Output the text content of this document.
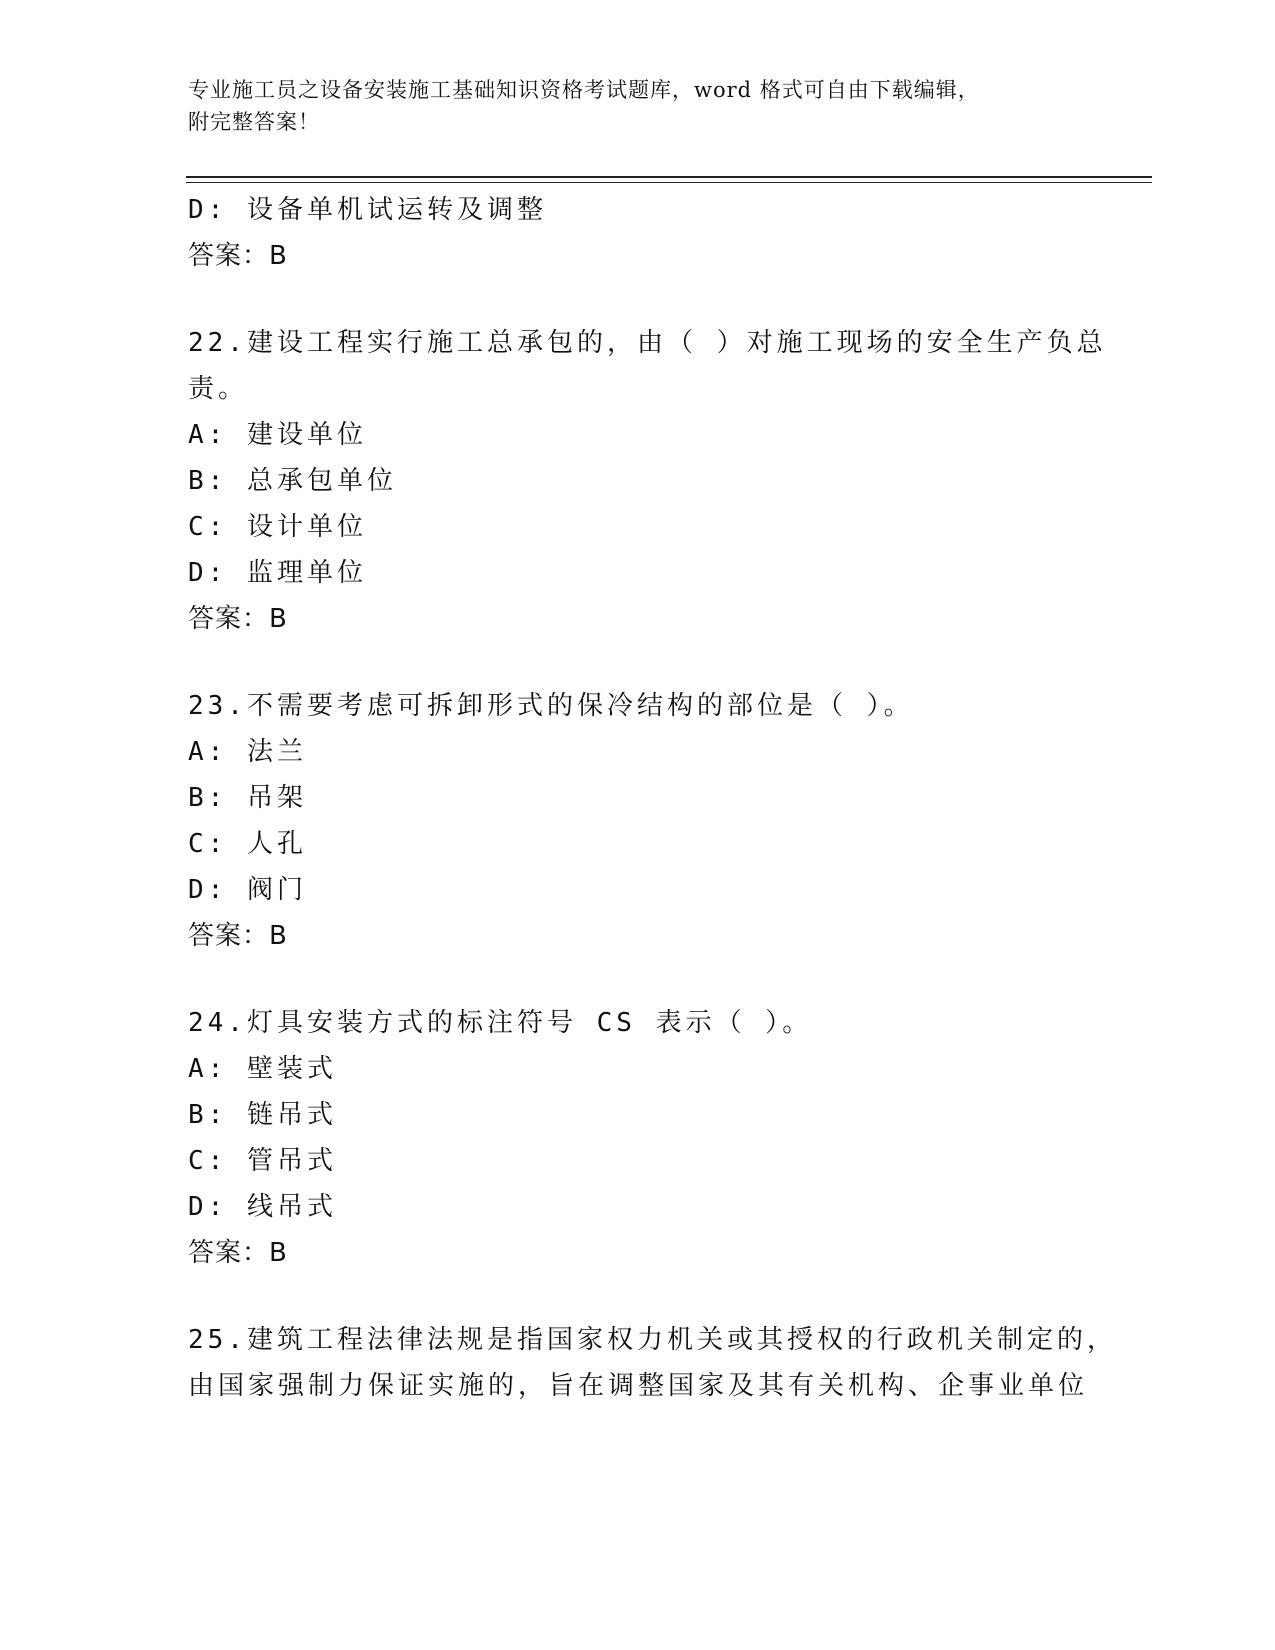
专业施工员之设备安装施工基础知识资格考试题库，word 格式可自由下载编辑，
附完整答案！
D: 设备单机试运转及调整
答案：B
22.建设工程实行施工总承包的，由（ ）对施工现场的安全生产负总
责。
A: 建设单位
B: 总承包单位
C: 设计单位
D: 监理单位
答案：B
23.不需要考虑可拆卸形式的保冷结构的部位是（ ）。
A: 法兰
B: 吊架
C: 人孔
D: 阀门
答案：B
24.灯具安装方式的标注符号 CS 表示（ ）。
A: 壁装式
B: 链吊式
C: 管吊式
D: 线吊式
答案：B
25.建筑工程法律法规是指国家权力机关或其授权的行政机关制定的，
由国家强制力保证实施的，旨在调整国家及其有关机构、企事业单位
